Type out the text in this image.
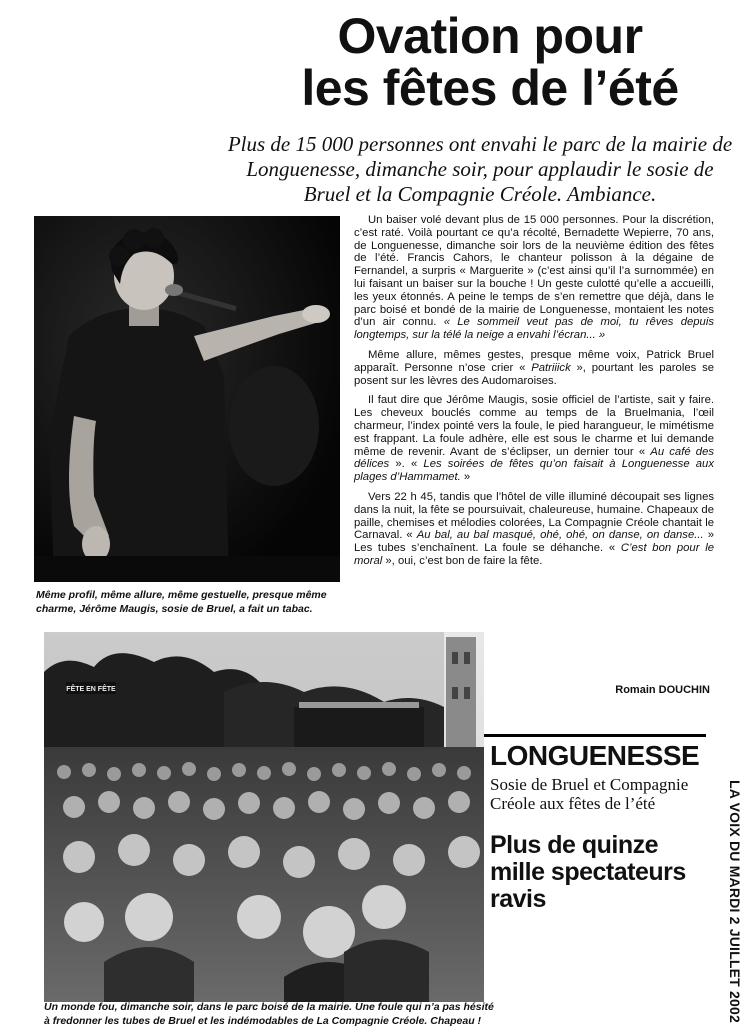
Ovation pour
les fêtes de l’été
Plus de 15 000 personnes ont envahi le parc de la mairie de Longuenesse, dimanche soir, pour applaudir le sosie de Bruel et la Compagnie Créole. Ambiance.
Même profil, même allure, même gestuelle, presque même charme, Jérôme Maugis, sosie de Bruel, a fait un tabac.

Un baiser volé devant plus de 15 000 personnes. Pour la discrétion, c’est raté. Voilà pourtant ce qu’a récolté, Bernadette Wepierre, 70 ans, de Longuenesse, dimanche soir lors de la neuvième édition des fêtes de l’été. Francis Cahors, le chanteur polisson à la dégaine de Fernandel, a surpris « Marguerite » (c’est ainsi qu’il l’a surnommée) en lui faisant un baiser sur la bouche ! Un geste culotté qu’elle a accueilli, les yeux étonnés. A peine le temps de s’en remettre que déjà, dans le parc boisé et bondé de la mairie de Longuenesse, montaient les notes d’un air connu. « Le sommeil veut pas de moi, tu rêves depuis longtemps, sur la télé la neige a envahi l’écran... »

Même allure, mêmes gestes, presque même voix, Patrick Bruel apparaît. Personne n’ose crier « Patriiick », pourtant les paroles se posent sur les lèvres des Audomaroises.

Il faut dire que Jérôme Maugis, sosie officiel de l’artiste, sait y faire. Les cheveux bouclés comme au temps de la Bruelmania, l’œil charmeur, l’index pointé vers la foule, le pied harangueur, le mimétisme est frappant. La foule adhère, elle est sous le charme et lui demande même de revenir. Avant de s’éclipser, un dernier tour « Au café des délices ». « Les soirées de fêtes qu’on faisait à Longuenesse aux plages d’Hammamet. »

Vers 22 h 45, tandis que l’hôtel de ville illuminé découpait ses lignes dans la nuit, la fête se poursuivait, chaleureuse, humaine. Chapeaux de paille, chemises et mélodies colorées, La Compagnie Créole chantait le Carnaval. « Au bal, au bal masqué, ohé, ohé, on danse, on danse... » Les tubes s’enchaînent. La foule se déhanche. « C’est bon pour le moral », oui, c’est bon de faire la fête.

Romain DOUCHIN
FÊTE EN FÊTE
Un monde fou, dimanche soir, dans le parc boisé de la mairie. Une foule qui n’a pas hésité à fredonner les tubes de Bruel et les indémodables de La Compagnie Créole. Chapeau !
LONGUENESSE
Sosie de Bruel et Compagnie Créole aux fêtes de l’été
Plus de quinze mille spectateurs ravis	LA VOIX DU MARDI 2 JUILLET 2002
